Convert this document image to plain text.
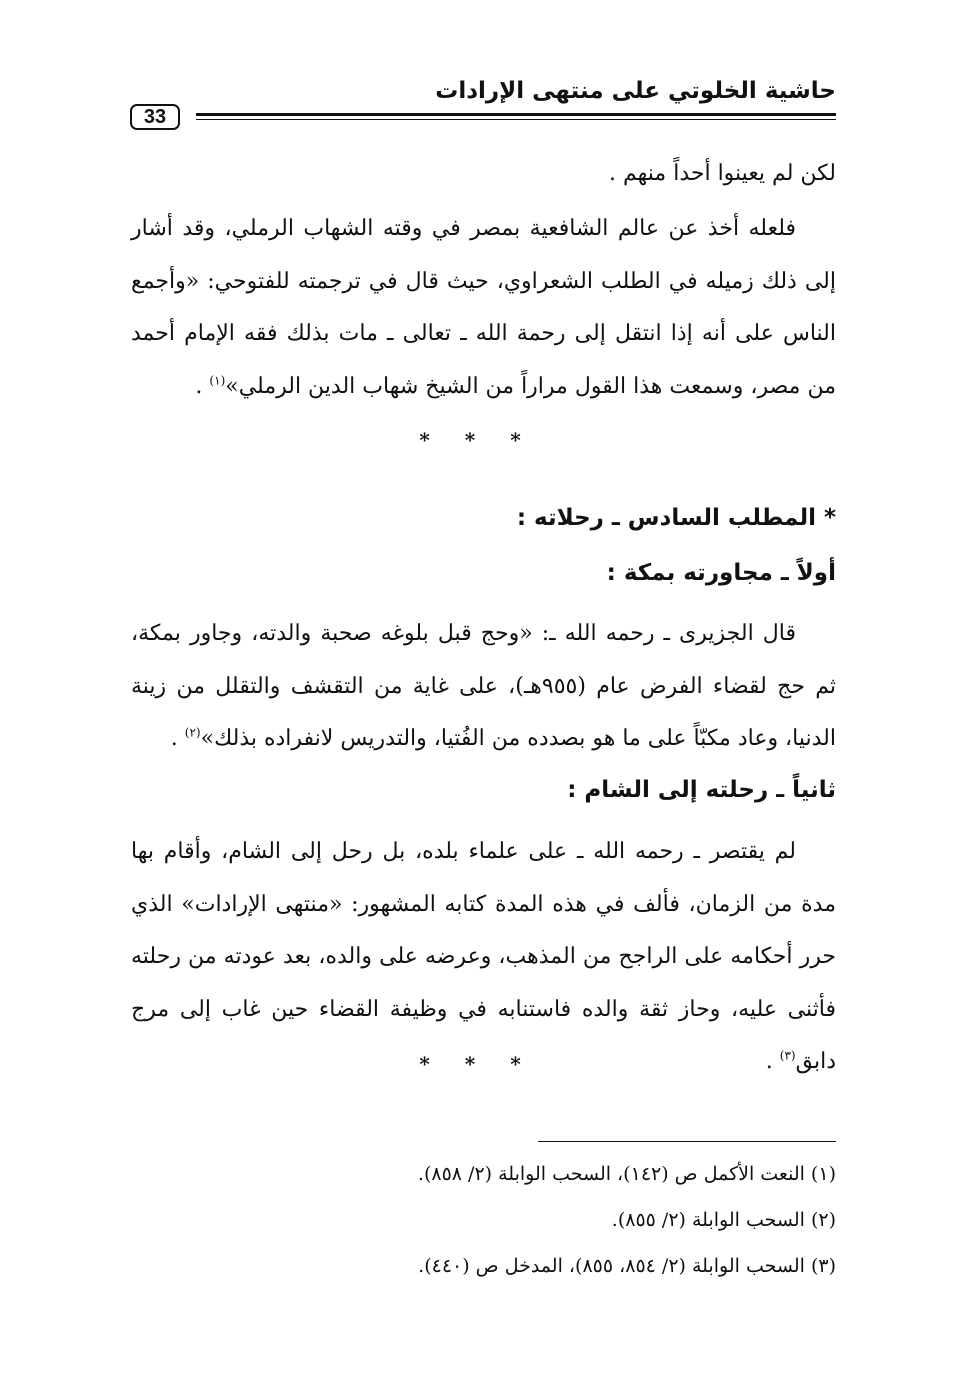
حاشية الخلوتي على منتهى الإرادات
33

لكن لم يعينوا أحداً منهم .

فلعله أخذ عن عالم الشافعية بمصر في وقته الشهاب الرملي، وقد أشار إلى ذلك زميله في الطلب الشعراوي، حيث قال في ترجمته للفتوحي: «وأجمع الناس على أنه إذا انتقل إلى رحمة الله ـ تعالى ـ مات بذلك فقه الإمام أحمد من مصر، وسمعت هذا القول مراراً من الشيخ شهاب الدين الرملي»$^{(١)}$ .

* * *
* المطلب السادس ـ رحلاته :
أولاً ـ مجاورته بمكة :

قال الجزيرى ـ رحمه الله ـ: «وحج قبل بلوغه صحبة والدته، وجاور بمكة، ثم حج لقضاء الفرض عام (٩٥٥هـ)، على غاية من التقشف والتقلل من زينة الدنيا، وعاد مكبّاً على ما هو بصدده من الفُتيا، والتدريس لانفراده بذلك»$^{(٢)}$ .

ثانياً ـ رحلته إلى الشام :

لم يقتصر ـ رحمه الله ـ على علماء بلده، بل رحل إلى الشام، وأقام بها مدة من الزمان، فألف في هذه المدة كتابه المشهور: «منتهى الإرادات» الذي حرر أحكامه على الراجح من المذهب، وعرضه على والده، بعد عودته من رحلته فأثنى عليه، وحاز ثقة والده فاستنابه في وظيفة القضاء حين غاب إلى مرج دابق$^{(٣)}$ .

* * *
(١) النعت الأكمل ص (١٤٢)، السحب الوابلة (٢/ ٨٥٨).
(٢) السحب الوابلة (٢/ ٨٥٥).
(٣) السحب الوابلة (٢/ ٨٥٤، ٨٥٥)، المدخل ص (٤٤٠).
